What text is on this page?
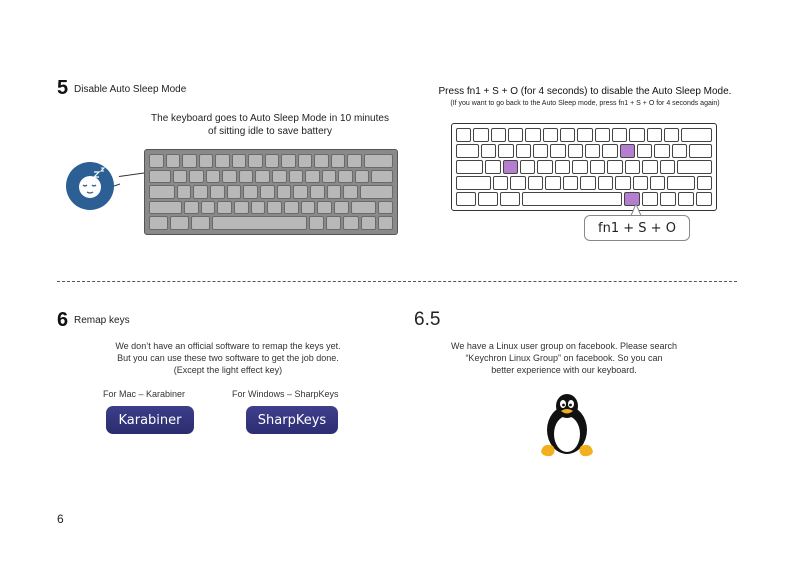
5 Disable Auto Sleep Mode
The keyboard goes to Auto Sleep Mode in 10 minutes
of sitting idle to save battery
Press fn1 + S + O (for 4 seconds) to disable the Auto Sleep Mode.
(If you want to go back to the Auto Sleep mode, press fn1 + S + O for 4 seconds again)
fn1 + S + O
6 Remap keys
We don’t have an official software to remap the keys yet.
But you can use these two software to get the job done.
(Except the light effect key)
For Mac – Karabiner	For Windows – SharpKeys
Karabiner	SharpKeys
6.5
We have a Linux user group on facebook. Please search
“Keychron Linux Group” on facebook. So you can
better experience with our keyboard.
6
